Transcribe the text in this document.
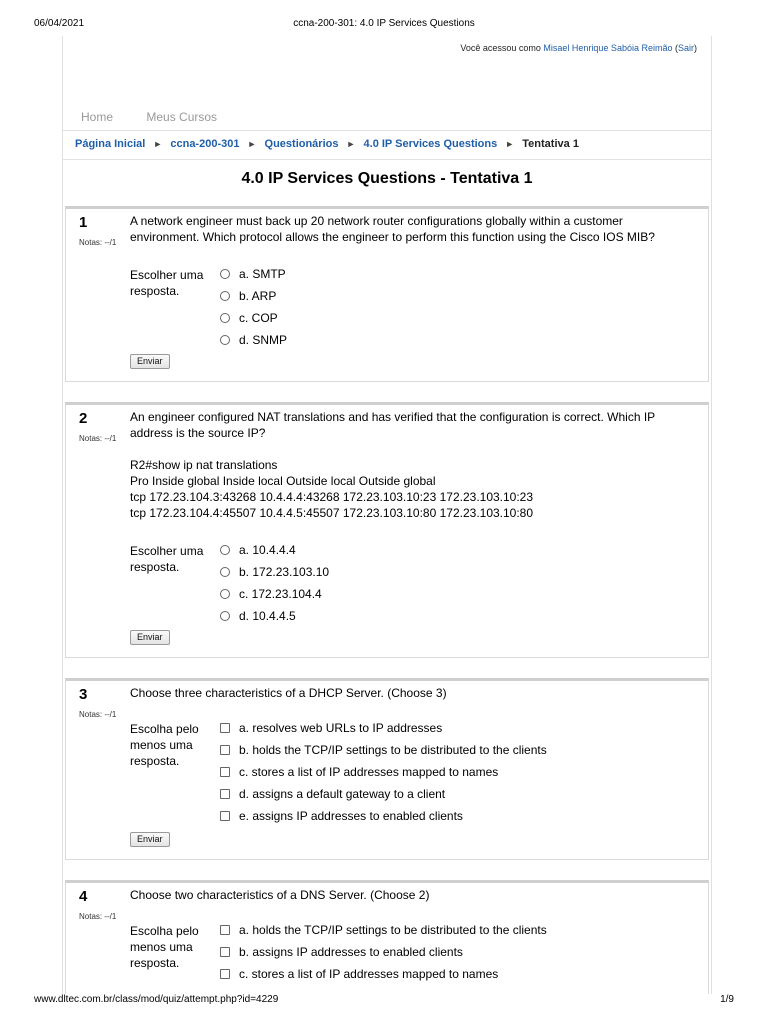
06/04/2021	ccna-200-301: 4.0 IP Services Questions
Você acessou como Misael Henrique Sabóia Reimão (Sair)
Home	Meus Cursos
Página Inicial ► ccna-200-301 ► Questionários ► 4.0 IP Services Questions ► Tentativa 1
4.0 IP Services Questions - Tentativa 1
1
Notas: --/1
A network engineer must back up 20 network router configurations globally within a customer environment. Which protocol allows the engineer to perform this function using the Cisco IOS MIB?
Escolher uma resposta.
a. SMTP
b. ARP
c. COP
d. SNMP
Enviar
2
Notas: --/1
An engineer configured NAT translations and has verified that the configuration is correct. Which IP address is the source IP?
R2#show ip nat translations
Pro Inside global Inside local Outside local Outside global
tcp 172.23.104.3:43268 10.4.4.4:43268 172.23.103.10:23 172.23.103.10:23
tcp 172.23.104.4:45507 10.4.4.5:45507 172.23.103.10:80 172.23.103.10:80
Escolher uma resposta.
a. 10.4.4.4
b. 172.23.103.10
c. 172.23.104.4
d. 10.4.4.5
Enviar
3
Notas: --/1
Choose three characteristics of a DHCP Server. (Choose 3)
Escolha pelo menos uma resposta.
a. resolves web URLs to IP addresses
b. holds the TCP/IP settings to be distributed to the clients
c. stores a list of IP addresses mapped to names
d. assigns a default gateway to a client
e. assigns IP addresses to enabled clients
Enviar
4
Notas: --/1
Choose two characteristics of a DNS Server. (Choose 2)
Escolha pelo menos uma resposta.
a. holds the TCP/IP settings to be distributed to the clients
b. assigns IP addresses to enabled clients
c. stores a list of IP addresses mapped to names
www.dltec.com.br/class/mod/quiz/attempt.php?id=4229	1/9
